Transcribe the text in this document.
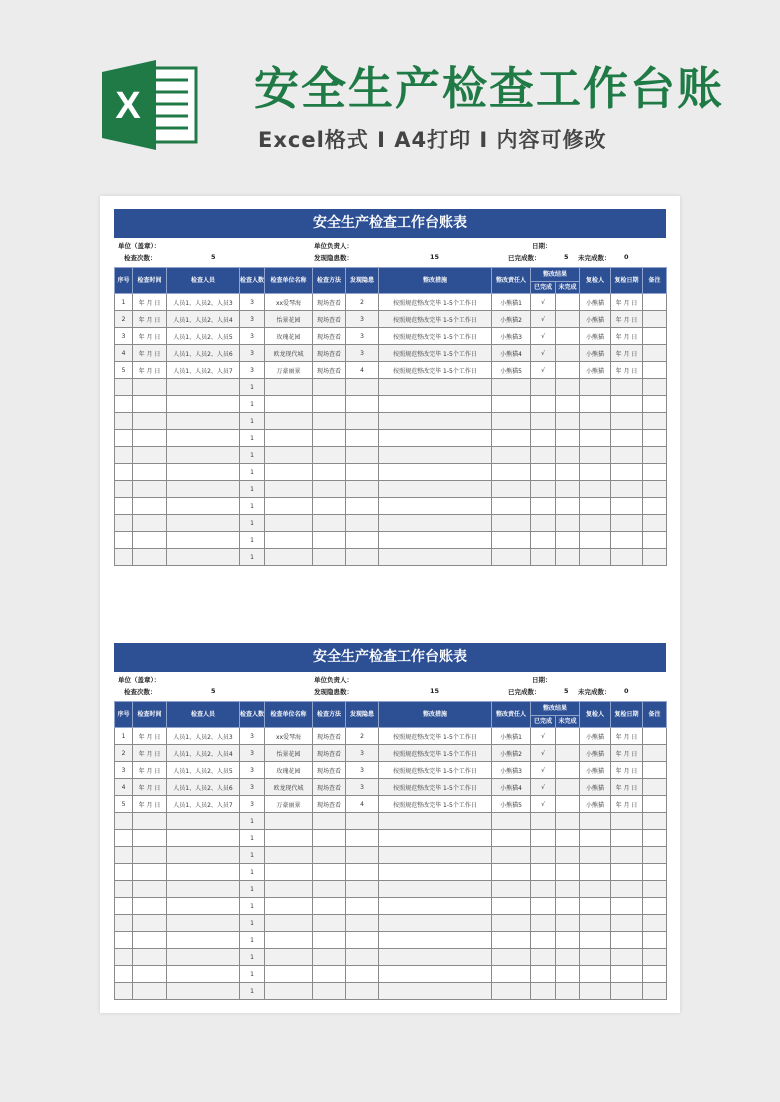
X	安全生产检查工作台账
Excel格式 I A4打印 I 内容可修改
安全生产检查工作台账表
单位（盖章）：	单位负责人：	日期：
检查次数：	5	发现隐患数：	15	已完成数：	5 未完成数： 0
序号	检查时间	检查人员	检查人数	检查单位名称	检查方法	发现隐患	整改措施	整改责任人	整改结果		复检人	复检日期	备注
									已完成	未完成			
1	年 月 日	人员1、人员2、人员3	3	xx爱琴海	现场查看	2	按照规范整改完毕 1-5个工作日	小熊猫1	√		小熊猫	年 月 日	
2	年 月 日	人员1、人员2、人员4	3	怡景花园	现场查看	3	按照规范整改完毕 1-5个工作日	小熊猫2	√		小熊猫	年 月 日	
3	年 月 日	人员1、人员2、人员5	3	玫瑰花园	现场查看	3	按照规范整改完毕 1-5个工作日	小熊猫3	√		小熊猫	年 月 日	
4	年 月 日	人员1、人员2、人员6	3	欧龙现代城	现场查看	3	按照规范整改完毕 1-5个工作日	小熊猫4	√		小熊猫	年 月 日	
5	年 月 日	人员1、人员2、人员7	3	万豪丽景	现场查看	4	按照规范整改完毕 1-5个工作日	小熊猫5	√		小熊猫	年 月 日	
			1										
			1										
			1										
			1										
			1										
			1										
			1										
			1										
			1										
			1										
			1										
安全生产检查工作台账表
单位（盖章）：	单位负责人：	日期：
检查次数：	5	发现隐患数：	15	已完成数：	5 未完成数： 0
序号	检查时间	检查人员	检查人数	检查单位名称	检查方法	发现隐患	整改措施	整改责任人	整改结果		复检人	复检日期	备注
									已完成	未完成			
1	年 月 日	人员1、人员2、人员3	3	xx爱琴海	现场查看	2	按照规范整改完毕 1-5个工作日	小熊猫1	√		小熊猫	年 月 日	
2	年 月 日	人员1、人员2、人员4	3	怡景花园	现场查看	3	按照规范整改完毕 1-5个工作日	小熊猫2	√		小熊猫	年 月 日	
3	年 月 日	人员1、人员2、人员5	3	玫瑰花园	现场查看	3	按照规范整改完毕 1-5个工作日	小熊猫3	√		小熊猫	年 月 日	
4	年 月 日	人员1、人员2、人员6	3	欧龙现代城	现场查看	3	按照规范整改完毕 1-5个工作日	小熊猫4	√		小熊猫	年 月 日	
5	年 月 日	人员1、人员2、人员7	3	万豪丽景	现场查看	4	按照规范整改完毕 1-5个工作日	小熊猫5	√		小熊猫	年 月 日	
			1										
			1										
			1										
			1										
			1										
			1										
			1										
			1										
			1										
			1										
			1										
